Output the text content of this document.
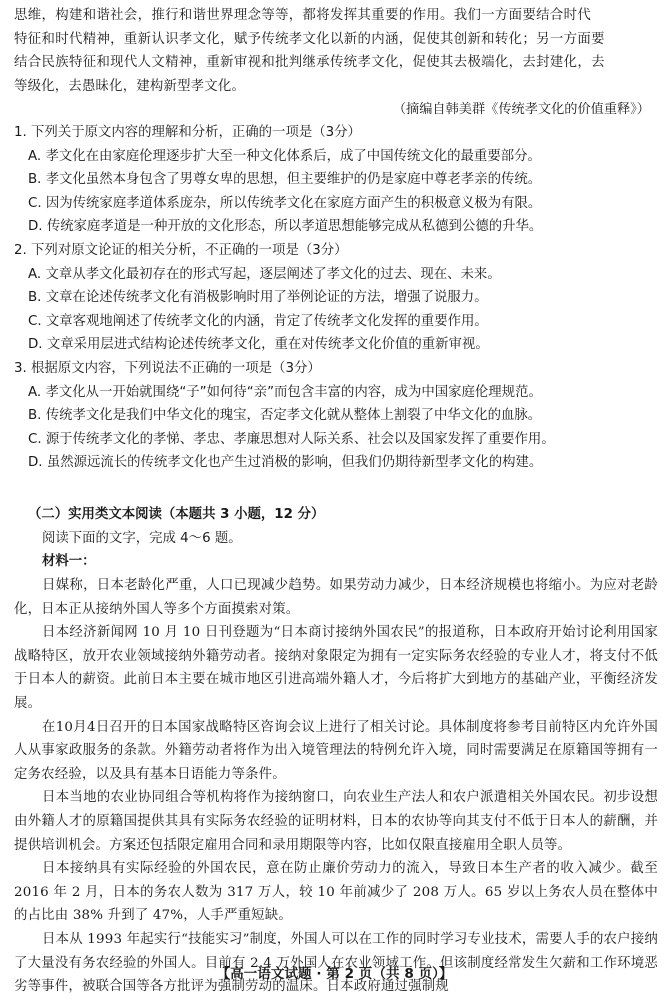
思维，构建和谐社会，推行和谐世界理念等等，都将发挥其重要的作用。我们一方面要结合时代

特征和时代精神，重新认识孝文化，赋予传统孝文化以新的内涵，促使其创新和转化；另一方面要

结合民族特征和现代人文精神，重新审视和批判继承传统孝文化，促使其去极端化，去封建化，去

等级化，去愚昧化，建构新型孝文化。

（摘编自韩美群《传统孝文化的价值重释》）

1. 下列关于原文内容的理解和分析，正确的一项是（3分）

A. 孝文化在由家庭伦理逐步扩大至一种文化体系后，成了中国传统文化的最重要部分。

B. 孝文化虽然本身包含了男尊女卑的思想，但主要维护的仍是家庭中尊老孝亲的传统。

C. 因为传统家庭孝道体系庞杂，所以传统孝文化在家庭方面产生的积极意义极为有限。

D. 传统家庭孝道是一种开放的文化形态，所以孝道思想能够完成从私德到公德的升华。

2. 下列对原文论证的相关分析，不正确的一项是（3分）

A. 文章从孝文化最初存在的形式写起，逐层阐述了孝文化的过去、现在、未来。

B. 文章在论述传统孝文化有消极影响时用了举例论证的方法，增强了说服力。

C. 文章客观地阐述了传统孝文化的内涵，肯定了传统孝文化发挥的重要作用。

D. 文章采用层进式结构论述传统孝文化，重在对传统孝文化价值的重新审视。

3. 根据原文内容，下列说法不正确的一项是（3分）

A. 孝文化从一开始就围绕“子”如何待“亲”而包含丰富的内容，成为中国家庭伦理规范。

B. 传统孝文化是我们中华文化的瑰宝，否定孝文化就从整体上割裂了中华文化的血脉。

C. 源于传统孝文化的孝悌、孝忠、孝廉思想对人际关系、社会以及国家发挥了重要作用。

D. 虽然源远流长的传统孝文化也产生过消极的影响，但我们仍期待新型孝文化的构建。

（二）实用类文本阅读（本题共 3 小题，12 分）

阅读下面的文字，完成 4～6 题。

材料一：

日媒称，日本老龄化严重，人口已现减少趋势。如果劳动力减少，日本经济规模也将缩小。为应对老龄化，日本正从接纳外国人等多个方面摸索对策。

日本经济新闻网 10 月 10 日刊登题为“日本商讨接纳外国农民”的报道称，日本政府开始讨论利用国家战略特区，放开农业领域接纳外籍劳动者。接纳对象限定为拥有一定实际务农经验的专业人才，将支付不低于日本人的薪资。此前日本主要在城市地区引进高端外籍人才，今后将扩大到地方的基础产业，平衡经济发展。

在10月4日召开的日本国家战略特区咨询会议上进行了相关讨论。具体制度将参考目前特区内允许外国人从事家政服务的条款。外籍劳动者将作为出入境管理法的特例允许入境，同时需要满足在原籍国等拥有一定务农经验，以及具有基本日语能力等条件。

日本当地的农业协同组合等机构将作为接纳窗口，向农业生产法人和农户派遣相关外国农民。初步设想由外籍人才的原籍国提供其具有实际务农经验的证明材料，日本的农协等向其支付不低于日本人的薪酬，并提供培训机会。方案还包括限定雇用合同和录用期限等内容，比如仅限直接雇用全职人员等。

日本接纳具有实际经验的外国农民，意在防止廉价劳动力的流入，导致日本生产者的收入减少。截至 2016 年 2 月，日本的务农人数为 317 万人，较 10 年前减少了 208 万人。65 岁以上务农人员在整体中的占比由 38% 升到了 47%，人手严重短缺。

日本从 1993 年起实行“技能实习”制度，外国人可以在工作的同时学习专业技术，需要人手的农户接纳了大量没有务农经验的外国人。目前有 2.4 万外国人在农业领域工作。但该制度经常发生欠薪和工作环境恶劣等事件，被联合国等各方批评为强制劳动的温床。日本政府通过强制规

【高一语文试题 · 第 2 页（共 8 页）】
